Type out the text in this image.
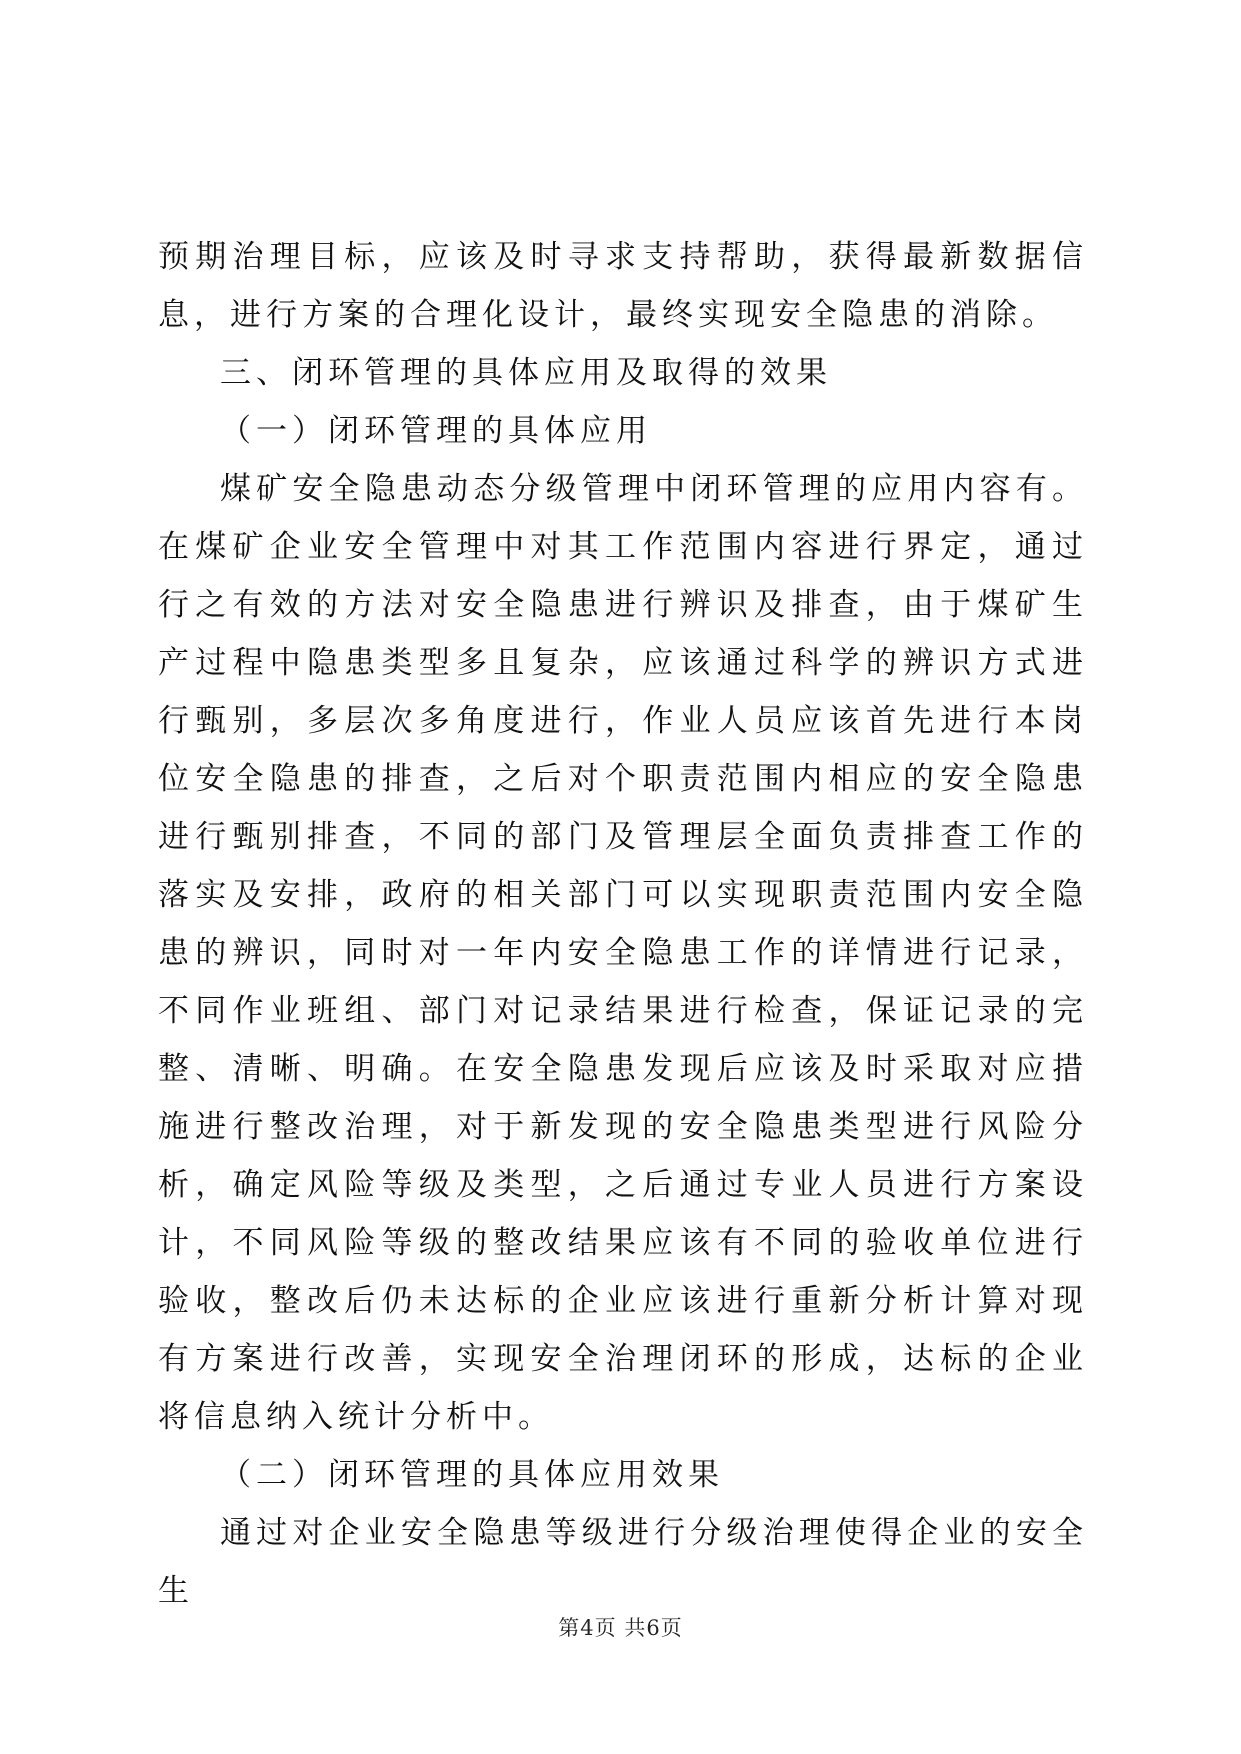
预期治理目标，应该及时寻求支持帮助，获得最新数据信息，进行方案的合理化设计，最终实现安全隐患的消除。

三、闭环管理的具体应用及取得的效果

（一）闭环管理的具体应用

煤矿安全隐患动态分级管理中闭环管理的应用内容有。在煤矿企业安全管理中对其工作范围内容进行界定，通过行之有效的方法对安全隐患进行辨识及排查，由于煤矿生产过程中隐患类型多且复杂，应该通过科学的辨识方式进行甄别，多层次多角度进行，作业人员应该首先进行本岗位安全隐患的排查，之后对个职责范围内相应的安全隐患进行甄别排查，不同的部门及管理层全面负责排查工作的落实及安排，政府的相关部门可以实现职责范围内安全隐患的辨识，同时对一年内安全隐患工作的详情进行记录，不同作业班组、部门对记录结果进行检查，保证记录的完整、清晰、明确。在安全隐患发现后应该及时采取对应措施进行整改治理，对于新发现的安全隐患类型进行风险分析，确定风险等级及类型，之后通过专业人员进行方案设计，不同风险等级的整改结果应该有不同的验收单位进行验收，整改后仍未达标的企业应该进行重新分析计算对现有方案进行改善，实现安全治理闭环的形成，达标的企业将信息纳入统计分析中。

（二）闭环管理的具体应用效果

通过对企业安全隐患等级进行分级治理使得企业的安全生

第4页 共6页
